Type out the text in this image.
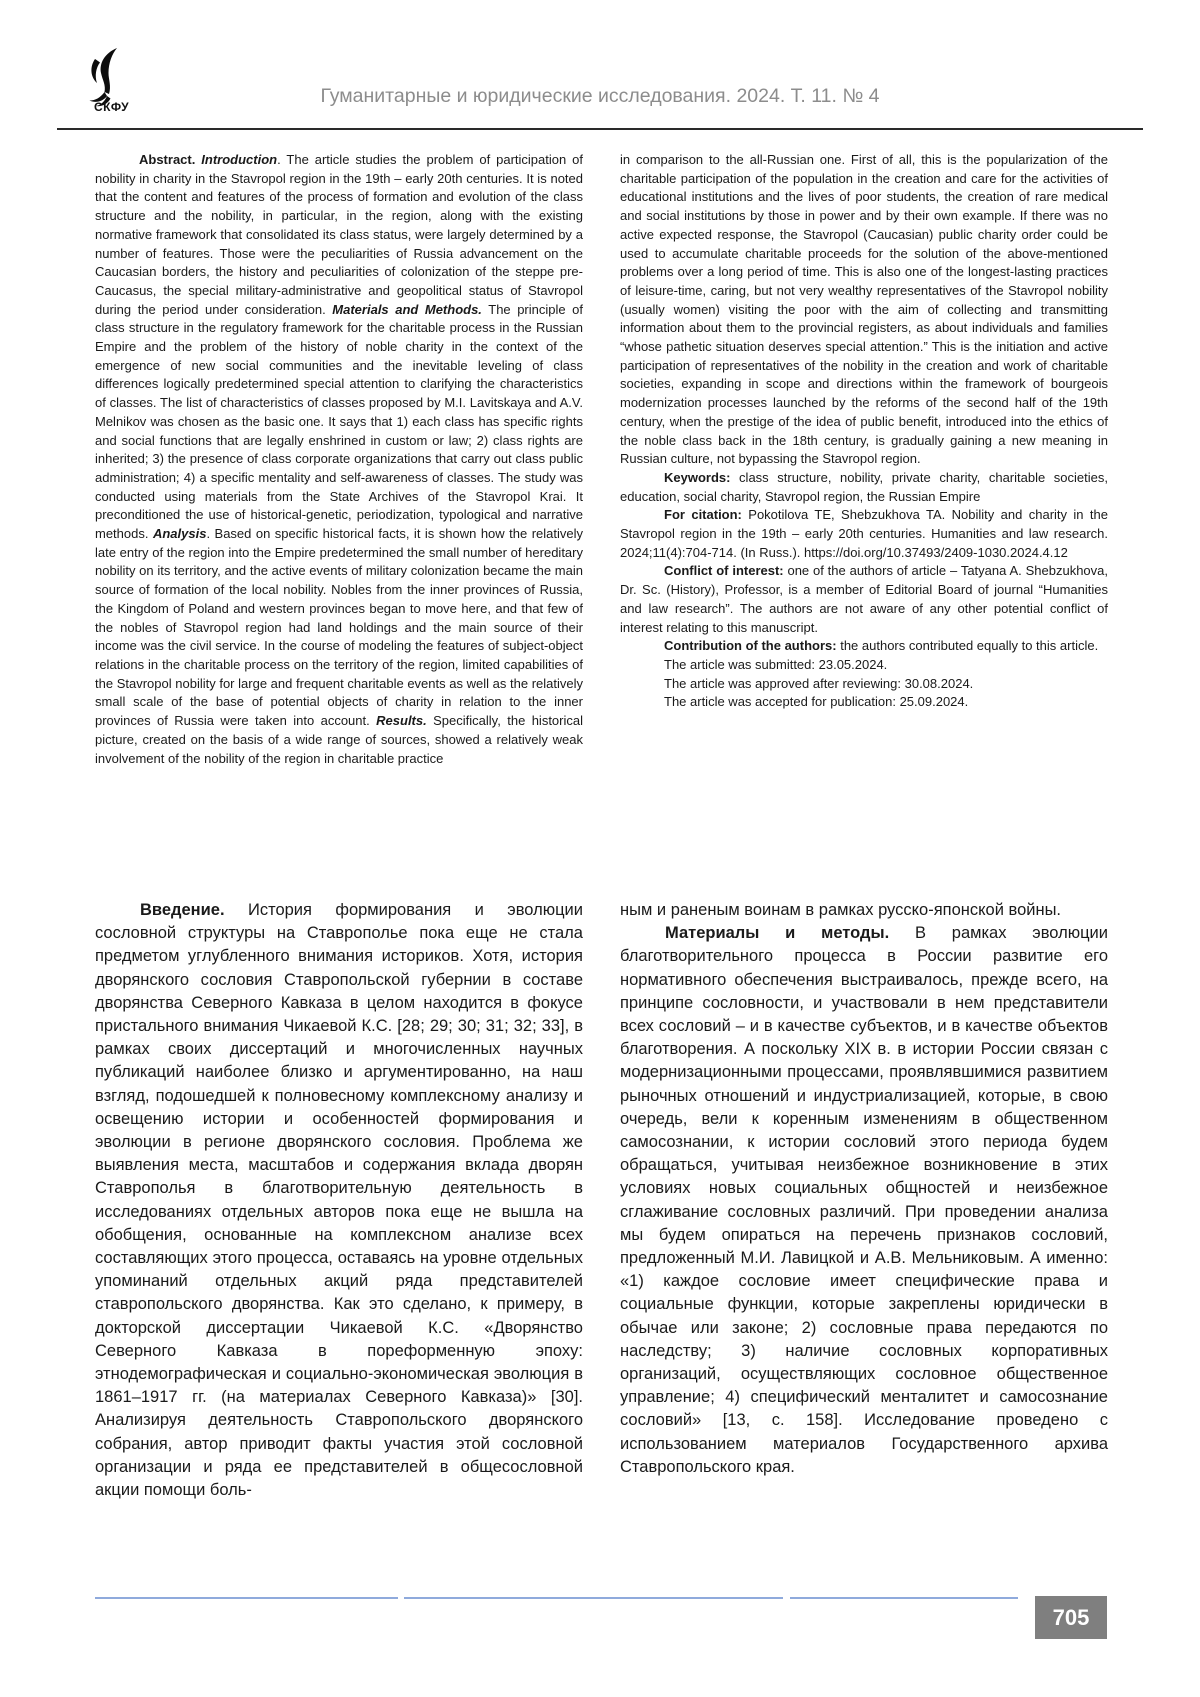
СКФУ	Гуманитарные и юридические исследования. 2024. Т. 11. № 4

Abstract. Introduction. The article studies the problem of participation of nobility in charity in the Stavropol region in the 19th – early 20th centuries. It is noted that the content and features of the process of formation and evolution of the class structure and the nobility, in particular, in the region, along with the existing normative framework that consolidated its class status, were largely determined by a number of features. Those were the peculiarities of Russia advancement on the Caucasian borders, the history and peculiarities of colonization of the steppe pre-Caucasus, the special military-administrative and geopolitical status of Stavropol during the period under consideration. Materials and Methods. The principle of class structure in the regulatory framework for the charitable process in the Russian Empire and the problem of the history of noble charity in the context of the emergence of new social communities and the inevitable leveling of class differences logically predetermined special attention to clarifying the characteristics of classes. The list of characteristics of classes proposed by M.I. Lavitskaya and A.V. Melnikov was chosen as the basic one. It says that 1) each class has specific rights and social functions that are legally enshrined in custom or law; 2) class rights are inherited; 3) the presence of class corporate organizations that carry out class public administration; 4) a specific mentality and self-awareness of classes. The study was conducted using materials from the State Archives of the Stavropol Krai. It preconditioned the use of historical-genetic, periodization, typological and narrative methods. Analysis. Based on specific historical facts, it is shown how the relatively late entry of the region into the Empire predetermined the small number of hereditary nobility on its territory, and the active events of military colonization became the main source of formation of the local nobility. Nobles from the inner provinces of Russia, the Kingdom of Poland and western provinces began to move here, and that few of the nobles of Stavropol region had land holdings and the main source of their income was the civil service. In the course of modeling the features of subject-object relations in the charitable process on the territory of the region, limited capabilities of the Stavropol nobility for large and frequent charitable events as well as the relatively small scale of the base of potential objects of charity in relation to the inner provinces of Russia were taken into account. Results. Specifically, the historical picture, created on the basis of a wide range of sources, showed a relatively weak involvement of the nobility of the region in charitable practice

in comparison to the all-Russian one. First of all, this is the popularization of the charitable participation of the population in the creation and care for the activities of educational institutions and the lives of poor students, the creation of rare medical and social institutions by those in power and by their own example. If there was no active expected response, the Stavropol (Caucasian) public charity order could be used to accumulate charitable proceeds for the solution of the above-mentioned problems over a long period of time. This is also one of the longest-lasting practices of leisure-time, caring, but not very wealthy representatives of the Stavropol nobility (usually women) visiting the poor with the aim of collecting and transmitting information about them to the provincial registers, as about individuals and families “whose pathetic situation deserves special attention.” This is the initiation and active participation of representatives of the nobility in the creation and work of charitable societies, expanding in scope and directions within the framework of bourgeois modernization processes launched by the reforms of the second half of the 19th century, when the prestige of the idea of public benefit, introduced into the ethics of the noble class back in the 18th century, is gradually gaining a new meaning in Russian culture, not bypassing the Stavropol region.

Keywords: class structure, nobility, private charity, charitable societies, education, social charity, Stavropol region, the Russian Empire

For citation: Pokotilova TE, Shebzukhova TA. Nobility and charity in the Stavropol region in the 19th – early 20th centuries. Humanities and law research. 2024;11(4):704-714. (In Russ.). https://doi.org/10.37493/2409-1030.2024.4.12

Conflict of interest: one of the authors of article – Tatyana A. Shebzukhova, Dr. Sc. (History), Professor, is a member of Editorial Board of journal “Humanities and law research”. The authors are not aware of any other potential conflict of interest relating to this manuscript.

Contribution of the authors: the authors contributed equally to this article.

The article was submitted: 23.05.2024.

The article was approved after reviewing: 30.08.2024.

The article was accepted for publication: 25.09.2024.

Введение. История формирования и эволюции сословной структуры на Ставрополье пока еще не стала предметом углубленного внимания историков. Хотя, история дворянского сословия Ставропольской губернии в составе дворянства Северного Кавказа в целом находится в фокусе пристального внимания Чикаевой К.С. [28; 29; 30; 31; 32; 33], в рамках своих диссертаций и многочисленных научных публикаций наиболее близко и аргументированно, на наш взгляд, подошедшей к полновесному комплексному анализу и освещению истории и особенностей формирования и эволюции в регионе дворянского сословия. Проблема же выявления места, масштабов и содержания вклада дворян Ставрополья в благотворительную деятельность в исследованиях отдельных авторов пока еще не вышла на обобщения, основанные на комплексном анализе всех составляющих этого процесса, оставаясь на уровне отдельных упоминаний отдельных акций ряда представителей ставропольского дворянства. Как это сделано, к примеру, в докторской диссертации Чикаевой К.С. «Дворянство Северного Кавказа в пореформенную эпоху: этнодемографическая и социально-экономическая эволюция в 1861–1917 гг. (на материалах Северного Кавказа)» [30]. Анализируя деятельность Ставропольского дворянского собрания, автор приводит факты участия этой сословной организации и ряда ее представителей в общесословной акции помощи боль-

ным и раненым воинам в рамках русско-японской войны.

Материалы и методы. В рамках эволюции благотворительного процесса в России развитие его нормативного обеспечения выстраивалось, прежде всего, на принципе сословности, и участвовали в нем представители всех сословий – и в качестве субъектов, и в качестве объектов благотворения. А поскольку XIX в. в истории России связан с модернизационными процессами, проявлявшимися развитием рыночных отношений и индустриализацией, которые, в свою очередь, вели к коренным изменениям в общественном самосознании, к истории сословий этого периода будем обращаться, учитывая неизбежное возникновение в этих условиях новых социальных общностей и неизбежное сглаживание сословных различий. При проведении анализа мы будем опираться на перечень признаков сословий, предложенный М.И. Лавицкой и А.В. Мельниковым. А именно: «1) каждое сословие имеет специфические права и социальные функции, которые закреплены юридически в обычае или законе; 2) сословные права передаются по наследству; 3) наличие сословных корпоративных организаций, осуществляющих сословное общественное управление; 4) специфический менталитет и самосознание сословий» [13, с. 158]. Исследование проведено с использованием материалов Государственного архива Ставропольского края.

705
